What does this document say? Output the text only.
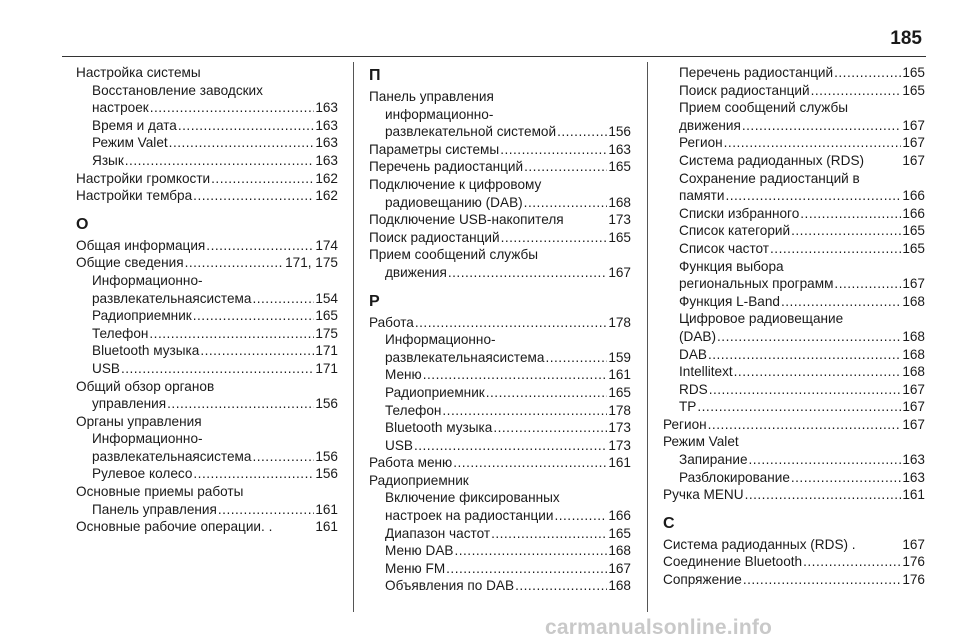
185
Настройка системы
Восстановление заводских
настроек .....	163
Время и дата .....	163
Режим Valet .....	163
Язык .....	163
Настройки громкости .....	162
Настройки тембра .....	162
О
Общая информация .....	174
Общие сведения .....	171, 175
Информационно-
развлекательнаясистема .....	154
Радиоприемник .....	165
Телефон .....	175
Bluetooth музыка .....	171
USB .....	171
Общий обзор органов
управления .....	156
Органы управления
Информационно-
развлекательнаясистема .....	156
Рулевое колесо .....	156
Основные приемы работы
Панель управления .....	161
Основные рабочие операции. .	161
П
Панель управления
информационно-
развлекательной системой .....	156
Параметры системы .....	163
Перечень радиостанций .....	165
Подключение к цифровому
радиовещанию (DAB) .....	168
Подключение USB-накопителя	173
Поиск радиостанций .....	165
Прием сообщений службы
движения .....	167
Р
Работа .....	178
Информационно-
развлекательнаясистема .....	159
Меню .....	161
Радиоприемник .....	165
Телефон .....	178
Bluetooth музыка .....	173
USB .....	173
Работа меню .....	161
Радиоприемник
Включение фиксированных
настроек на радиостанции .....	166
Диапазон частот .....	165
Меню DAB .....	168
Меню FM .....	167
Объявления по DAB .....	168
Перечень радиостанций .....	165
Поиск радиостанций .....	165
Прием сообщений службы
движения .....	167
Регион .....	167
Система радиоданных (RDS)	167
Сохранение радиостанций в
памяти .....	166
Списки избранного .....	166
Список категорий .....	165
Список частот .....	165
Функция выбора
региональных программ .....	167
Функция L-Band .....	168
Цифровое радиовещание
(DAB) .....	168
DAB .....	168
Intellitext .....	168
RDS .....	167
TP .....	167
Регион .....	167
Режим Valet
Запирание .....	163
Разблокирование .....	163
Ручка MENU .....	161
С
Система радиоданных (RDS) .	167
Соединение Bluetooth .....	176
Сопряжение .....	176
carmanualsonline.info
